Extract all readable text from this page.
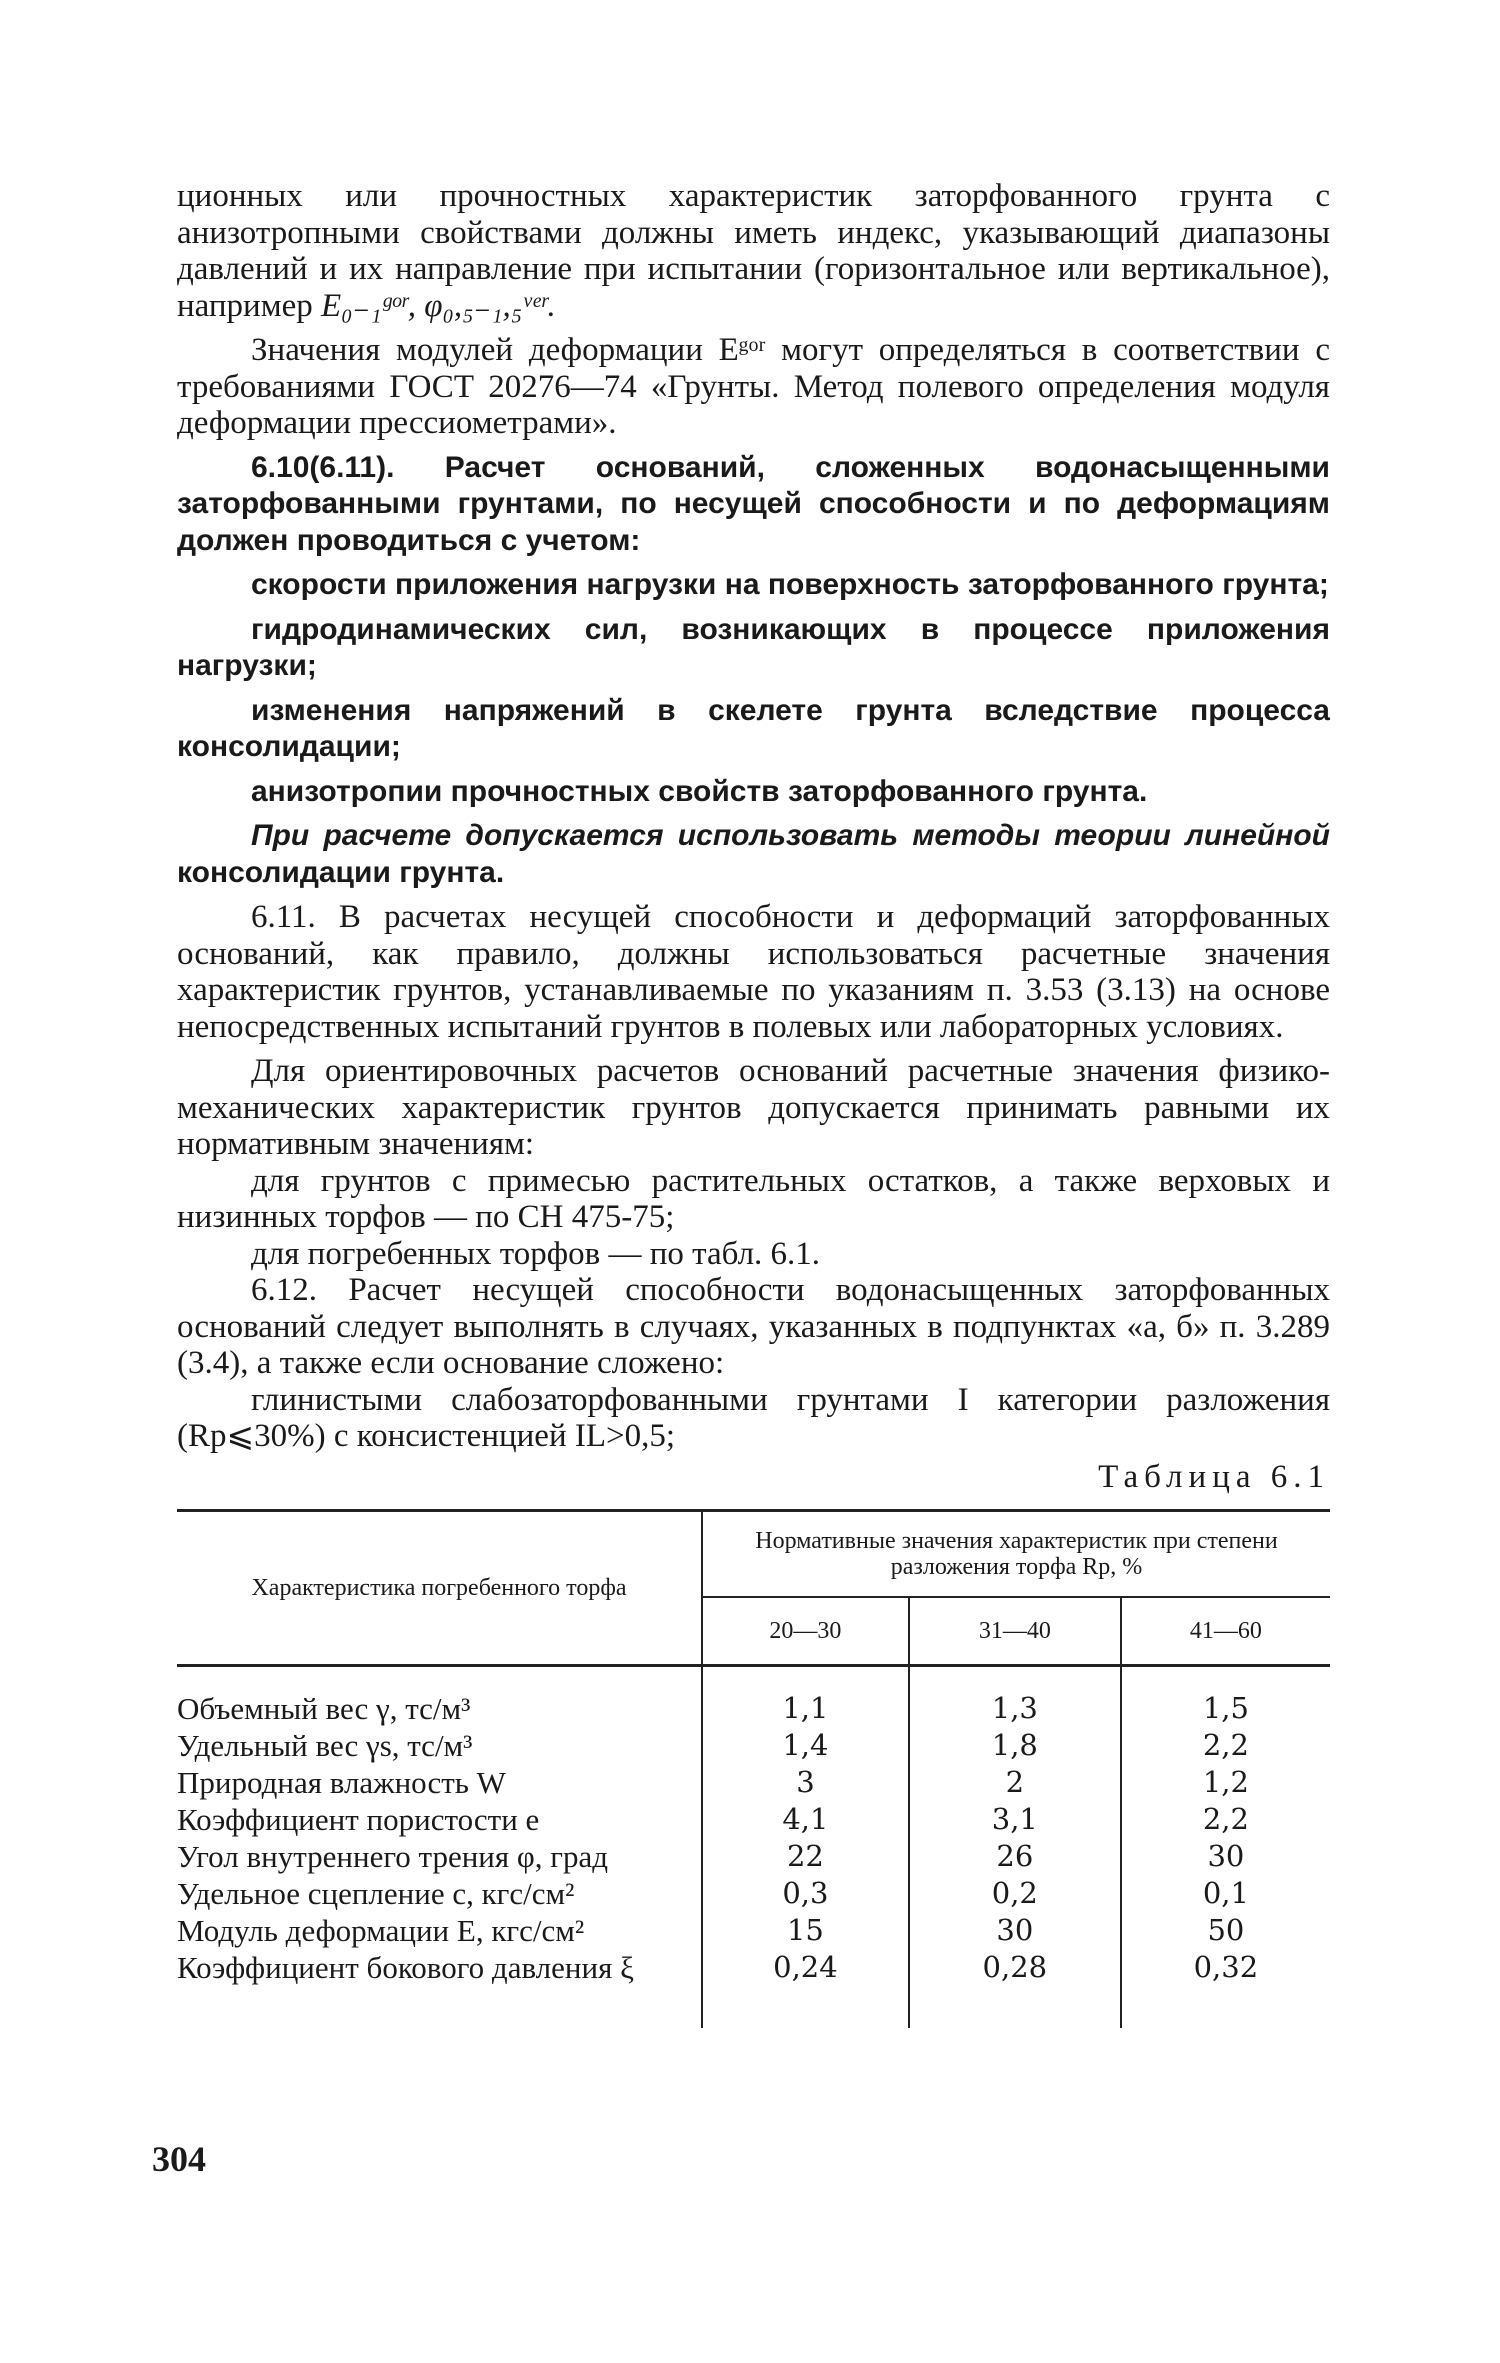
ционных или прочностных характеристик заторфованного грунта с анизотропными свойствами должны иметь индекс, указывающий диапазоны давлений и их направление при испытании (горизонтальное или вертикальное), например E₀₋₁ᵍᵒʳ, φ₀,₅₋₁,₅ᵛᵉʳ.

Значения модулей деформации Eᵍᵒʳ могут определяться в соответствии с требованиями ГОСТ 20276—74 «Грунты. Метод полевого определения модуля деформации прессиометрами».

6.10(6.11). Расчет оснований, сложенных водонасыщенными заторфованными грунтами, по несущей способности и по деформациям должен проводиться с учетом:

скорости приложения нагрузки на поверхность заторфованного грунта;

гидродинамических сил, возникающих в процессе приложения нагрузки;

изменения напряжений в скелете грунта вследствие процесса консолидации;

анизотропии прочностных свойств заторфованного грунта.

При расчете допускается использовать методы теории линейной консолидации грунта.

6.11. В расчетах несущей способности и деформаций заторфованных оснований, как правило, должны использоваться расчетные значения характеристик грунтов, устанавливаемые по указаниям п. 3.53 (3.13) на основе непосредственных испытаний грунтов в полевых или лабораторных условиях.

Для ориентировочных расчетов оснований расчетные значения физико-механических характеристик грунтов допускается принимать равными их нормативным значениям:

для грунтов с примесью растительных остатков, а также верховых и низинных торфов — по СН 475-75;

для погребенных торфов — по табл. 6.1.

6.12. Расчет несущей способности водонасыщенных заторфованных оснований следует выполнять в случаях, указанных в подпунктах «а, б» п. 3.289 (3.4), а также если основание сложено:

глинистыми слабозаторфованными грунтами I категории разложения (Rр⩽30%) с консистенцией IL>0,5;

Таблица 6.1
Характеристика погребенного торфа	Нормативные значения характеристик при степени разложения торфа Rр, %		
	20—30	31—40	41—60
Объемный вес γ, тс/м³	1,1	1,3	1,5
Удельный вес γs, тс/м³	1,4	1,8	2,2
Природная влажность W	3	2	1,2
Коэффициент пористости e	4,1	3,1	2,2
Угол внутреннего трения φ, град	22	26	30
Удельное сцепление c, кгс/см²	0,3	0,2	0,1
Модуль деформации E, кгс/см²	15	30	50
Коэффициент бокового давления ξ	0,24	0,28	0,32

304
